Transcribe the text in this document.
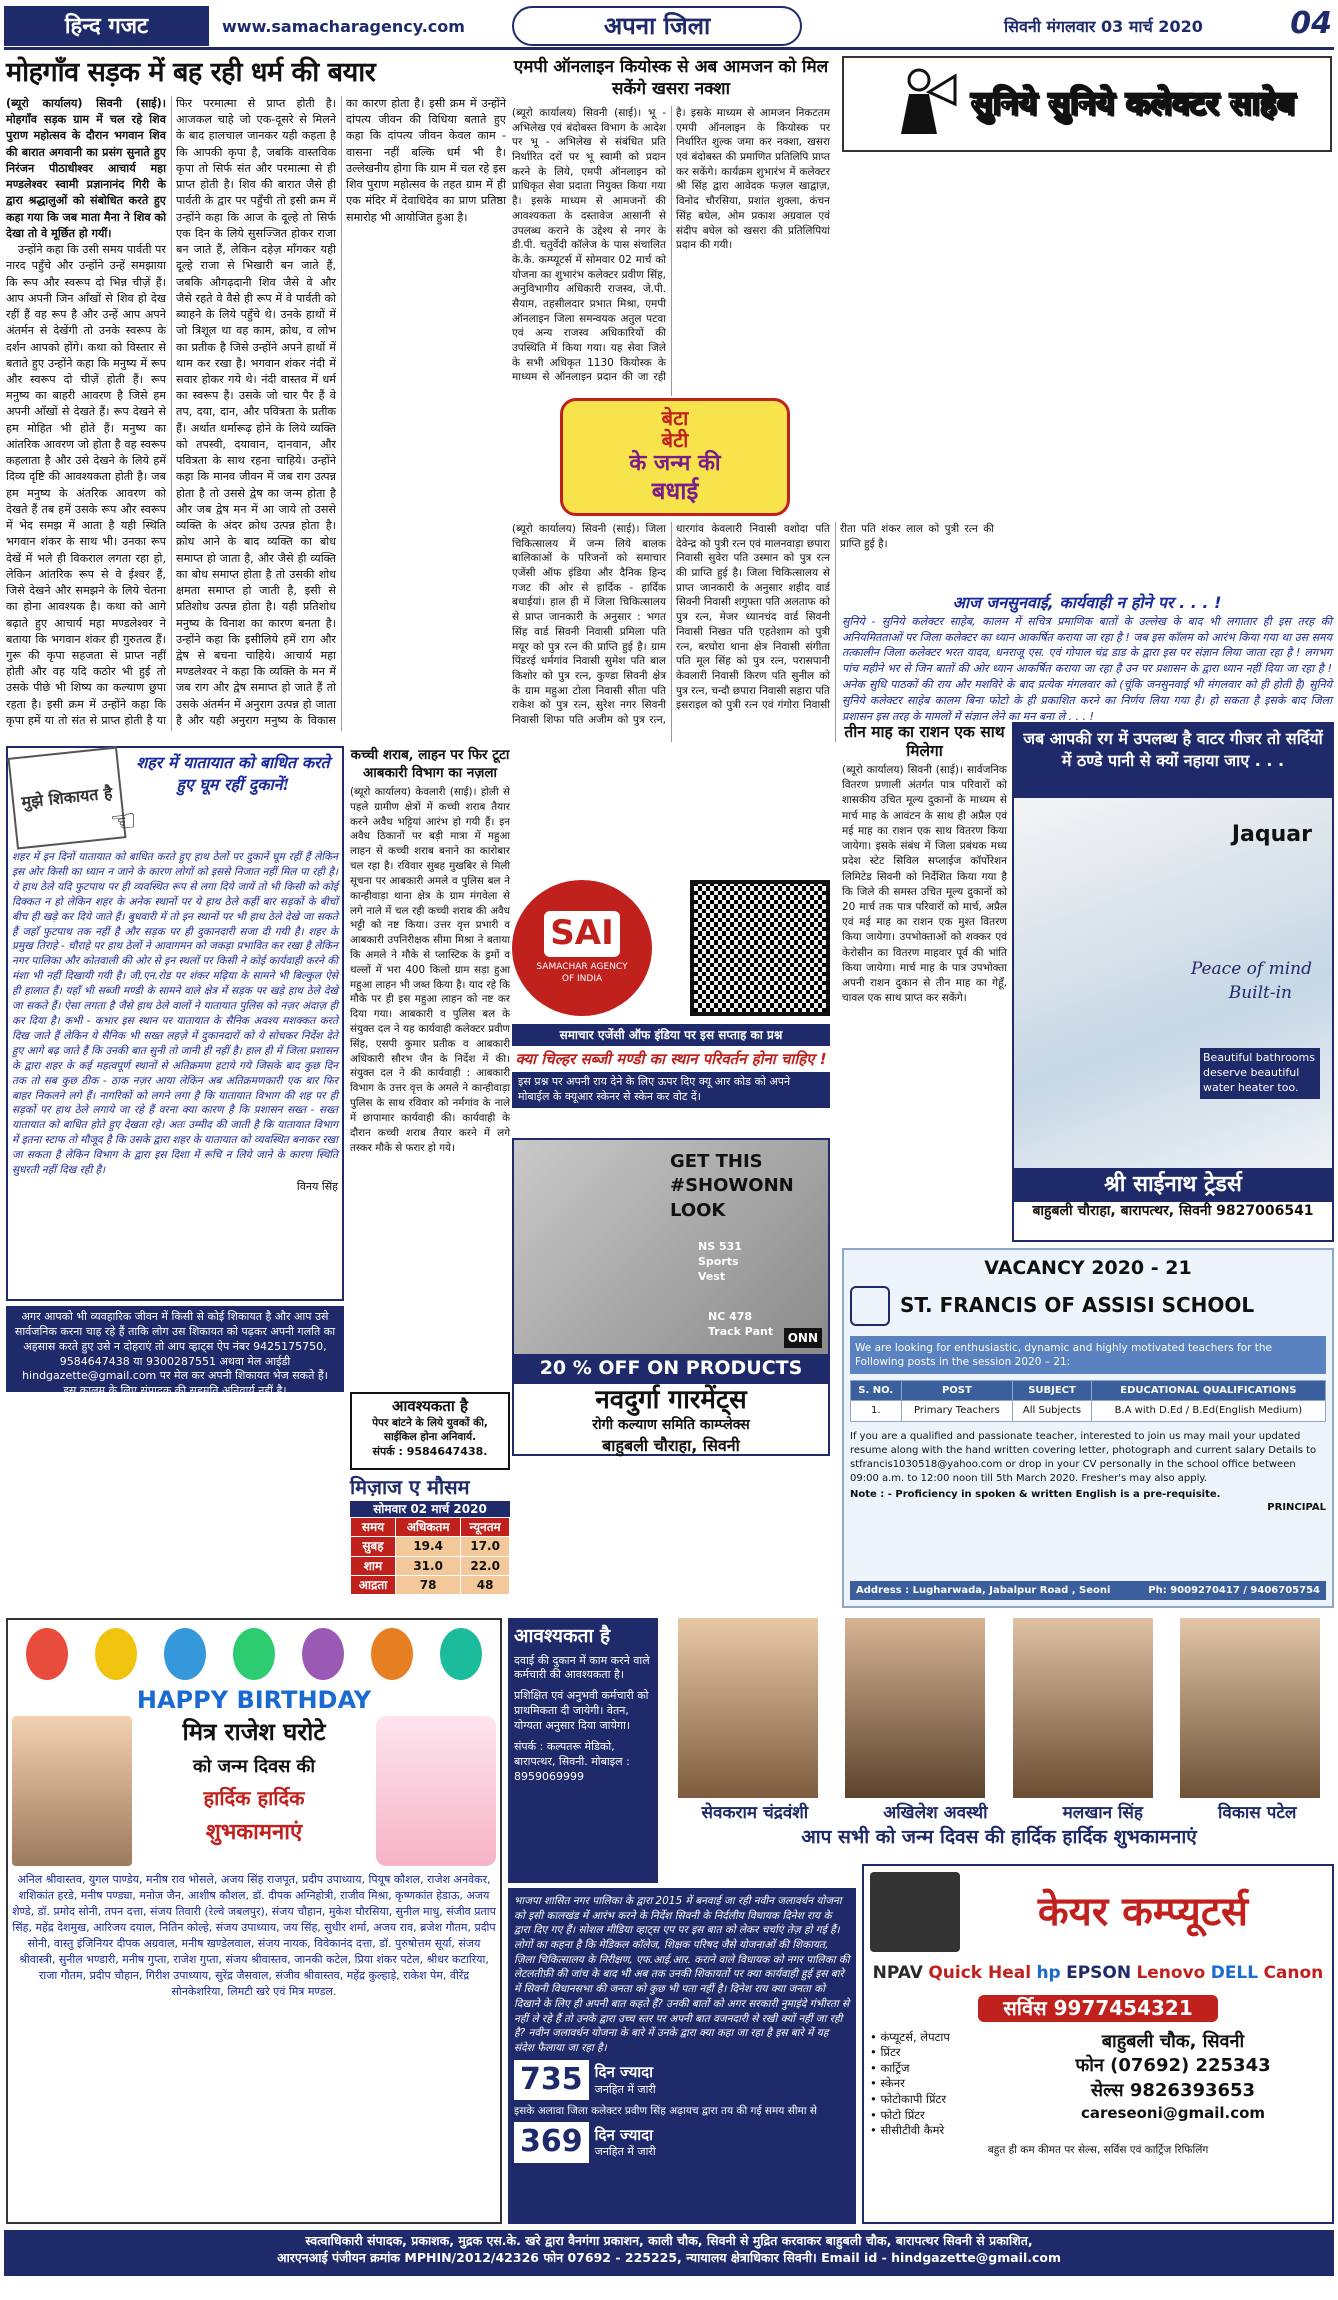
हिन्द गजट	www.samacharagency.com	अपना जिला	सिवनी मंगलवार 03 मार्च 2020	04
मोहगाँव सड़क में बह रही धर्म की बयार

(ब्यूरो कार्यालय) सिवनी (साई)। मोहगाँव सड़क ग्राम में चल रहे शिव पुराण महोत्सव के दौरान भगवान शिव की बारात अगवानी का प्रसंग सुनाते हुए निरंजन पीठाधीश्वर आचार्य महा मण्डलेश्वर स्वामी प्रज्ञानानंद गिरी के द्वारा श्रद्धालुओं को संबोधित करते हुए कहा गया कि जब माता मैना ने शिव को देखा तो वे मूर्छित हो गयीं।

उन्होंने कहा कि उसी समय पार्वती पर नारद पहुँचे और उन्होंने उन्हें समझाया कि रूप और स्वरूप दो भिन्न चीज़ें हैं। आप अपनी जिन आँखों से शिव हो देख रहीं हैं वह रूप है और उन्हें आप अपने अंतर्मन से देखेंगी तो उनके स्वरूप के दर्शन आपको होंगे। कथा को विस्तार से बताते हुए उन्होंने कहा कि मनुष्य में रूप और स्वरूप दो चीज़ें होती हैं। रूप मनुष्य का बाहरी आवरण है जिसे हम अपनी आँखों से देखते हैं। रूप देखने से हम मोहित भी होते हैं। मनुष्य का आंतरिक आवरण जो होता है वह स्वरूप कहलाता है और उसे देखने के लिये हमें दिव्य दृष्टि की आवश्यकता होती है। जब हम मनुष्य के अंतरिक आवरण को देखते हैं तब हमें उसके रूप और स्वरूप में भेद समझ में आता है यही स्थिति भगवान शंकर के साथ भी। उनका रूप देखें में भले ही विकराल लगता रहा हो, लेकिन आंतरिक रूप से वे ईश्वर हैं, जिसे देखने और समझने के लिये चेतना का होना आवश्यक है। कथा को आगे बढ़ाते हुए आचार्य महा मण्डलेश्वर ने बताया कि भगवान शंकर ही गुरुतत्व हैं। गुरू की कृपा सहजता से प्राप्त नहीं होती और वह यदि कठोर भी हुई तो उसके पीछे भी शिष्य का कल्याण छुपा रहता है। इसी क्रम में उन्होंने कहा कि कृपा हमें या तो संत से प्राप्त होती है या फिर परमात्मा से प्राप्त होती है। आजकल चाहे जो एक-दूसरे से मिलने के बाद हालचाल जानकर यही कहता है कि आपकी कृपा है, जबकि वास्तविक कृपा तो सिर्फ संत और परमात्मा से ही प्राप्त होती है। शिव की बारात जैसे ही पार्वती के द्वार पर पहुँची तो इसी क्रम में उन्होंने कहा कि आज के दूल्हे तो सिर्फ एक दिन के लिये सुसज्जित होकर राजा बन जाते हैं, लेकिन दहेज़ माँगकर यही दूल्हे राजा से भिखारी बन जाते हैं, जबकि औगढ़दानी शिव जैसे वे और जैसे रहते वे वैसे ही रूप में वे पार्वती को ब्याहने के लिये पहुँचे थे। उनके हाथों में जो त्रिशूल था वह काम, क्रोध, व लोभ का प्रतीक है जिसे उन्होंने अपने हाथों में थाम कर रखा है। भगवान शंकर नंदी में सवार होकर गये थे। नंदी वास्तव में धर्म का स्वरूप है। उसके जो चार पैर हैं वे तप, दया, दान, और पवित्रता के प्रतीक हैं। अर्थात धर्मारूढ़ होने के लिये व्यक्ति को तपस्वी, दयावान, दानवान, और पवित्रता के साथ रहना चाहिये। उन्होंने कहा कि मानव जीवन में जब राग उत्पन्न होता है तो उससे द्वेष का जन्म होता है और जब द्वेष मन में आ जाये तो उससे व्यक्ति के अंदर क्रोध उत्पन्न होता है। क्रोध आने के बाद व्यक्ति का बोध समाप्त हो जाता है, और जैसे ही व्यक्ति का बोध समाप्त होता है तो उसकी शोध क्षमता समाप्त हो जाती है, इसी से प्रतिशोध उत्पन्न होता है। यही प्रतिशोध मनुष्य के विनाश का कारण बनता है। उन्होंने कहा कि इसीलिये हमें राग और द्वेष से बचना चाहिये। आचार्य महा मण्डलेश्वर ने कहा कि व्यक्ति के मन में जब राग और द्वेष समाप्त हो जाते हैं तो उसके अंतर्मन में अनुराग उत्पन्न हो जाता है और यही अनुराग मनुष्य के विकास का कारण होता है। इसी क्रम में उन्होंने दांपत्य जीवन की विधिया बताते हुए कहा कि दांपत्य जीवन केवल काम - वासना नहीं बल्कि धर्म भी है। उल्लेखनीय होगा कि ग्राम में चल रहे इस शिव पुराण महोत्सव के तहत ग्राम में ही एक मंदिर में देवाधिदेव का प्राण प्रतिष्ठा समारोह भी आयोजित हुआ है।

एमपी ऑनलाइन कियोस्क से अब आमजन को मिल सकेंगे खसरा नक्शा

(ब्यूरो कार्यालय) सिवनी (साई)। भू - अभिलेख एवं बंदोबस्त विभाग के आदेश पर भू - अभिलेख से संबंधित प्रति निर्धारित दरों पर भू स्वामी को प्रदान करने के लिये, एमपी ऑनलाइन को प्राधिकृत सेवा प्रदाता नियुक्त किया गया है। इसके माध्यम से आमजनों की आवश्यकता के दस्तावेज आसानी से उपलब्ध कराने के उद्देश्य से नगर के डी.पी. चतुर्वेदी कॉलेज के पास संचालित के.के. कम्प्यूटर्स में सोमवार 02 मार्च को योजना का शुभारंभ कलेक्टर प्रवीण सिंह, अनुविभागीय अधिकारी राजस्व, जे.पी. सैयाम, तहसीलदार प्रभात मिश्रा, एमपी ऑनलाइन जिला समन्वयक अतुल पटवा एवं अन्य राजस्व अधिकारियों की उपस्थिति में किया गया। यह सेवा जिले के सभी अधिकृत 1130 कियोस्क के माध्यम से ऑनलाइन प्रदान की जा रही है। इसके माध्यम से आमजन निकटतम एमपी ऑनलाइन के कियोस्क पर निर्धारित शुल्क जमा कर नक्शा, खसरा एवं बंदोबस्त की प्रमाणित प्रतिलिपि प्राप्त कर सकेंगे। कार्यक्रम शुभारंभ में कलेक्टर श्री सिंह द्वारा आवेदक फज़ल खाद्वाज़, विनोद चौरसिया, प्रशांत शुक्ला, कंचन सिंह बघेल, ओम प्रकाश अग्रवाल एवं संदीप बघेल को खसरा की प्रतिलिपियां प्रदान की गयी।

बेटा
बेटी
के जन्म की
बधाई

(ब्यूरो कार्यालय) सिवनी (साई)। जिला चिकित्सालय में जन्म लिये बालक बालिकाओं के परिजनों को समाचार एजेंसी ऑफ इंडिया और दैनिक हिन्द गजट की ओर से हार्दिक - हार्दिक बधाईयां। हाल ही में जिला चिकित्सालय से प्राप्त जानकारी के अनुसार : भगत सिंह वार्ड सिवनी निवासी प्रमिला पति मयूर को पुत्र रत्न की प्राप्ति हुई है। ग्राम पिंडरई धर्मगांव निवासी सुमेश पति बाल किशोर को पुत्र रत्न, कुण्डा सिवनी क्षेत्र के ग्राम महुआ टोला निवासी सीता पति राकेश को पुत्र रत्न, सुरेश नगर सिवनी निवासी शिफा पति अजीम को पुत्र रत्न, धारगांव केवलारी निवासी वशोदा पति देवेन्द्र को पुत्री रत्न एवं मालनवाड़ा छपारा निवासी सुवेरा पति उस्मान को पुत्र रत्न की प्राप्ति हुई है। जिला चिकित्सालय से प्राप्त जानकारी के अनुसार शहीद वार्ड सिवनी निवासी शगुफ्ता पति अलताफ को पुत्र रत्न, मेजर ध्यानचंद वार्ड सिवनी निवासी निखत पति एहतेशाम को पुत्री रत्न, बरघोरा थाना क्षेत्र निवासी संगीता पति मूल सिंह को पुत्र रत्न, परासपानी केवलारी निवासी किरण पति सुनील को पुत्र रत्न, चन्दौ छपारा निवासी सहारा पति इसराइल को पुत्री रत्न एवं गंगोरा निवासी रीता पति शंकर लाल को पुत्री रत्न की प्राप्ति हुई है।

सुनिये सुनिये कलेक्टर साहेब
आज जनसुनवाई, कार्यवाही न होने पर . . . !

सुनिये - सुनिये कलेक्टर साहेब, कालम में सचित्र प्रमाणिक बातों के उल्लेख के बाद भी लगातार ही इस तरह की अनियमितताओं पर जिला कलेक्टर का ध्यान आकर्षित कराया जा रहा है ! जब इस कॉलम को आरंभ किया गया था उस समय तत्कालीन जिला कलेक्टर भरत यादव, धनराजू एस. एवं गोपाल चंद्र डाड के द्वारा इस पर संज्ञान लिया जाता रहा है ! लगभग पांच महीने भर से जिन बातों की ओर ध्यान आकर्षित कराया जा रहा है उन पर प्रशासन के द्वारा ध्यान नहीं दिया जा रहा है ! अनेक सुधि पाठकों की राय और मशविरे के बाद प्रत्येक मंगलवार को (चूंकि जनसुनवाई भी मंगलवार को ही होती है) सुनिये सुनिये कलेक्टर साहेब कालम बिना फोटो के ही प्रकाशित करने का निर्णय लिया गया है। हो सकता है इसके बाद जिला प्रशासन इस तरह के मामलों में संज्ञान लेने का मन बना ले . . . !

मुझे शिकायत है
☜
शहर में यातायात को बाधित करते हुए घूम रहीं दुकानें!

शहर में इन दिनों यातायात को बाधित करते हुए हाथ ठेलों पर दुकानें घूम रहीं हैं लेकिन इस ओर किसी का ध्यान न जाने के कारण लोगों को इससे निजात नहीं मिल पा रही है। ये हाथ ठेले यदि फुटपाथ पर ही व्यवस्थित रूप से लगा दिये जायें तो भी किसी को कोई दिक्कत न हो लेकिन शहर के अनेक स्थानों पर ये हाथ ठेले कहीं बार सड़कों के बीचों बीच ही खड़े कर दिये जाते हैं। बुधवारी में तो इन स्थानों पर भी हाथ ठेले देखे जा सकते हैं जहाँ फुटपाथ तक नहीं है और सड़क पर ही दुकानदारी सजा दी गयी है। शहर के प्रमुख तिराहे - चौराहे पर हाथ ठेलों ने आवागमन को जकड़ा प्रभावित कर रखा है लेकिन नगर पालिका और कोतवाली की ओर से इन स्थलों पर किसी ने कोई कार्यवाही करने की मंशा भी नहीं दिखायी गयी है। जी.एन.रोड पर शंकर मढ़िया के सामने भी बिल्कुल ऐसे ही हालात हैं। यहाँ भी सब्जी मण्डी के सामने वाले क्षेत्र में सड़क पर खड़े हाथ ठेले देखे जा सकते हैं। ऐसा लगता है जैसे हाथ ठेले वालों ने यातायात पुलिस को नज़र अंदाज़ ही कर दिया है। कभी - कभार इस स्थान पर यातायात के सैनिक अवश्य मशक्कत करते दिख जाते हैं लेकिन ये सैनिक भी सख्त लहज़े में दुकानदारों को ये सोचकर निर्देश देते हुए आगे बढ़ जाते हैं कि उनकी बात सुनी तो जानी ही नहीं है। हाल ही में जिला प्रशासन के द्वारा शहर के कई महत्वपूर्ण स्थानों से अतिक्रमण हटाये गये जिसके बाद कुछ दिन तक तो सब कुछ ठीक - ठाक नज़र आया लेकिन अब अतिक्रमणकारी एक बार फिर बाहर निकलने लगे हैं। नागरिकों को लगने लगा है कि यातायात विभाग की शह पर ही सड़कों पर हाथ ठेले लगाये जा रहे हैं वरना क्या कारण है कि प्रशासन सख्त - सख्त यातायात को बाधित होते हुए देखता रहे। अतः उम्मीद की जाती है कि यातायात विभाग में इतना स्टाफ तो मौजूद है कि उसके द्वारा शहर के यातायात को व्यवस्थित बनाकर रखा जा सकता है लेकिन विभाग के द्वारा इस दिशा में रूचि न लिये जाने के कारण स्थिति सुधरती नहीं दिख रही है।

विनय सिंह

अगर आपको भी व्यवहारिक जीवन में किसी से कोई शिकायत है और आप उसे सार्वजनिक करना चाह रहे हैं ताकि लोग उस शिकायत को पढ़कर अपनी गलति का अहसास करते हुए उसे न दोहराएं तो आप व्हाट्स ऐप नंबर 9425175750, 9584647438 या 9300287551 अथवा मेल आईडी hindgazette@gmail.com पर मेल कर अपनी शिकायत भेज सकते हैं। इस कालम के लिए संपादक की सहमति अनिवार्य नहीं है।

कच्ची शराब, लाहन पर फिर टूटा आबकारी विभाग का नज़ला

(ब्यूरो कार्यालय) केवलारी (साई)। होली से पहले ग्रामीण क्षेत्रों में कच्ची शराब तैयार करने अवैध भट्टियां आरंभ हो गयी हैं। इन अवैध ठिकानों पर बड़ी मात्रा में महुआ लाहन से कच्ची शराब बनाने का कारोबार चल रहा है। रविवार सुबह मुखबिर से मिली सूचना पर आबकारी अमले व पुलिस बल ने कान्हीवाड़ा थाना क्षेत्र के ग्राम मंगवेला से लगे नाले में चल रही कच्ची शराब की अवैध भट्टी को नष्ट किया। उत्तर वृत्त प्रभारी व आबकारी उपनिरीक्षक सीमा मिश्रा ने बताया कि अमले ने मौके से प्लास्टिक के ड्रमों व थल्लों में भरा 400 किलो ग्राम सड़ा हुआ महुआ लाहन भी जब्त किया है। याद रहे कि मौके पर ही इस महुआ लाहन को नष्ट कर दिया गया। आबकारी व पुलिस बल के संयुक्त दल ने यह कार्यवाही कलेक्टर प्रवीण सिंह, एसपी कुमार प्रतीक व आबकारी अधिकारी सौरभ जैन के निर्देश में की। संयुक्त दल ने की कार्यवाही : आबकारी विभाग के उत्तर वृत्त के अमले ने कान्हीवाड़ा पुलिस के साथ रविवार को नर्मगांव के नाले में छापामार कार्यवाही की। कार्यवाही के दौरान कच्ची शराब तैयार करने में लगे तस्कर मौके से फरार हो गये।

SAI
SAMACHAR AGENCY OF INDIA
समाचार एजेंसी ऑफ इंडिया पर इस सप्ताह का प्रश्न
क्या चिल्हर सब्जी मण्डी का स्थान परिवर्तन होना चाहिए !
इस प्रश्न पर अपनी राय देने के लिए ऊपर दिए क्यू आर कोड को अपने मोबाईल के क्यूआर स्केनर से स्केन कर वोट दें।
GET THIS #SHOWONN LOOK
NS 531 Sports Vest
NC 478 Track Pant	ONN
20 % OFF ON PRODUCTS
नवदुर्गा गारमेंट्स
रोगी कल्याण समिति काम्प्लेक्स
बाहुबली चौराहा, सिवनी
आवश्यकता है
पेपर बांटने के लिये युवकों की, साईकिल होना अनिवार्य.
संपर्क : 9584647438.
मिज़ाज ए मौसम
सोमवार 02 मार्च 2020
समय	अधिकतम	न्यूनतम
सुबह	19.4	17.0
शाम	31.0	22.0
आद्रता	78	48
तीन माह का राशन एक साथ मिलेगा

(ब्यूरो कार्यालय) सिवनी (साई)। सार्वजनिक वितरण प्रणाली अंतर्गत पात्र परिवारों को शासकीय उचित मूल्य दुकानों के माध्यम से मार्च माह के आवंटन के साथ ही अप्रैल एवं मई माह का राशन एक साथ वितरण किया जायेगा। इसके संबंध में जिला प्रबंधक मध्य प्रदेश स्टेट सिविल सप्लाईज कॉर्पोरेशन लिमिटेड सिवनी को निर्देशित किया गया है कि जिले की समस्त उचित मूल्य दुकानों को 20 मार्च तक पात्र परिवारों को मार्च, अप्रैल एवं मई माह का राशन एक मुश्त वितरण किया जायेगा। उपभोक्ताओं को शक्कर एवं केरोसीन का वितरण माहवार पूर्व की भांति किया जायेगा। मार्च माह के पात्र उपभोक्ता अपनी राशन दुकान से तीन माह का गेहूँ, चावल एक साथ प्राप्त कर सकेंगे।

जब आपकी रग में उपलब्ध है वाटर गीजर तो सर्दियों में ठण्डे पानी से क्यों नहाया जाए . . .
Jaquar
Peace of mind
Built-in
Beautiful bathrooms deserve beautiful water heater too.
श्री साईनाथ ट्रेडर्स
बाहुबली चौराहा, बारापत्थर, सिवनी 9827006541
VACANCY 2020 - 21
ST. FRANCIS OF ASSISI SCHOOL
We are looking for enthusiastic, dynamic and highly motivated teachers for the Following posts in the session 2020 – 21:
S. NO.	POST	SUBJECT	EDUCATIONAL QUALIFICATIONS
1.	Primary Teachers	All Subjects	B.A with D.Ed / B.Ed(English Medium)

If you are a qualified and passionate teacher, interested to join us may mail your updated resume along with the hand written covering letter, photograph and current salary Details to stfrancis1030518@yahoo.com or drop in your CV personally in the school office between 09:00 a.m. to 12:00 noon till 5th March 2020. Fresher's may also apply.

Note : - Proficiency in spoken & written English is a pre-requisite.

PRINCIPAL
Address : Lugharwada, Jabalpur Road , Seoni	Ph: 9009270417 / 9406705754
HAPPY BIRTHDAY
मित्र राजेश घरोटे
को जन्म दिवस की
हार्दिक हार्दिक
शुभकामनाएं

अनिल श्रीवास्तव, युगल पाण्डेय, मनीष राव भोसले, अजय सिंह राजपूत, प्रदीप उपाध्याय, पियूष कौशल, राजेश अनवेकर, शशिकांत हरडे, मनीष पण्ड्या, मनोज जैन, आशीष कौशल, डॉ. दीपक अग्निहोत्री, राजीव मिश्रा, कृष्णकांत हेडाऊ, अजय शेण्डे, डॉ. प्रमोद सोनी, तपन दत्ता, संजय तिवारी (रेल्वे जबलपुर), संजय चौहान, मुकेश चौरसिया, सुनील माधु, संजीव प्रताप सिंह, महेंद्र देशमुख, आरिजय दयाल, नितिन कोल्हे, संजय उपाध्याय, जय सिंह, सुधीर शर्मा, अजय राव, ब्रजेश गौतम, प्रदीप सोनी, वास्तु इंजिनियर दीपक अग्रवाल, मनीष खण्डेलवाल, संजय नायक, विवेकानंद दत्ता, डॉ. पुरुषोत्तम सूर्या, संजय श्रीवास्त्री, सुनील भण्डारी, मनीष गुप्ता, राजेश गुप्ता, संजय श्रीवास्तव, जानकी कटेल, प्रिया शंकर पटेल, श्रीधर कटारिया, राजा गौतम, प्रदीप चौहान, गिरीश उपाध्याय, सुरेंद्र जैसवाल, संजीव श्रीवास्तव, महेंद्र कुल्हाड़े, राकेश पेम, वीरेंद्र सोनकेशरिया, लिमटी खरे एवं मित्र मण्डल.

आवश्यकता है

दवाई की दुकान में काम करने वाले कर्मचारी की आवश्यकता है।

प्रशिक्षित एवं अनुभवी कर्मचारी को प्राथमिकता दी जायेगी। वेतन, योग्यता अनुसार दिया जायेगा।

संपर्क : कल्पतरू मेडिको, बारापत्थर, सिवनी. मोबाइल : 8959069999

सेवकराम चंद्रवंशी	अखिलेश अवस्थी	मलखान सिंह	विकास पटेल
आप सभी को जन्म दिवस की हार्दिक हार्दिक शुभकामनाएं

भाजपा शासित नगर पालिका के द्वारा 2015 में बनवाई जा रही नवीन जलावर्धन योजना को इसी कालखंड में आरंभ करने के निर्देश सिवनी के निर्दलीय विधायक दिनेश राय के द्वारा दिए गए हैं। सोशल मीडिया व्हाट्स एप पर इस बात को लेकर चर्चाएं तेज़ हो गई हैं। लोगों का कहना है कि मेडिकल कॉलेज, शिक्षक परिषद जैसे योजनाओं की शिकायत, ज़िला चिकित्सालय के निरीक्षण, एफ.आई.आर. कराने वाले विधायक को नगर पालिका की लेटलतीफ़ी की जांच के बाद भी अब तक उनकी शिकायतों पर क्या कार्यवाही हुई इस बारे में सिवनी विधानसभा की जनता को कुछ भी पता नहीं है। दिनेश राय क्या जनता को दिखाने के लिए ही अपनी बात कहते हैं? उनकी बातों को अगर सरकारी नुमाइंदे गंभीरता से नहीं ले रहे हैं तो उनके द्वारा उच्च स्तर पर अपनी बात वजनदारी से रखी क्यों नहीं जा रही है? नवीन जलावर्धन योजना के बारे में उनके द्वारा क्या कहा जा रहा है इस बारे में यह संदेश फैलाया जा रहा है।

735 दिन ज्यादा
जनहित में जारी

इसके अलावा जिला कलेक्टर प्रवीण सिंह अढ़ायच द्वारा तय की गई समय सीमा से

369 दिन ज्यादा
जनहित में जारी
केयर कम्प्यूटर्स
NPAV Quick Heal hp EPSON Lenovo DELL Canon
सर्विस 9977454321
• कंप्यूटर्स, लेपटाप
• प्रिंटर
• कार्ट्रिज
• स्केनर
• फोटोकापी प्रिंटर
• फोटो प्रिंटर
• सीसीटीवी कैमरे
बाहुबली चौक, सिवनी
फोन (07692) 225343
सेल्स 9826393653
careseoni@gmail.com
बहुत ही कम कीमत पर सेल्स, सर्विस एवं कार्ट्रिज रिफिलिंग
स्वत्वाधिकारी संपादक, प्रकाशक, मुद्रक एस.के. खरे द्वारा वैनगंगा प्रकाशन, काली चौक, सिवनी से मुद्रित करवाकर बाहुबली चौक, बारापत्थर सिवनी से प्रकाशित,
आरएनआई पंजीयन क्रमांक MPHIN/2012/42326 फोन 07692 - 225225, न्यायालय क्षेत्राधिकार सिवनी। Email id - hindgazette@gmail.com
